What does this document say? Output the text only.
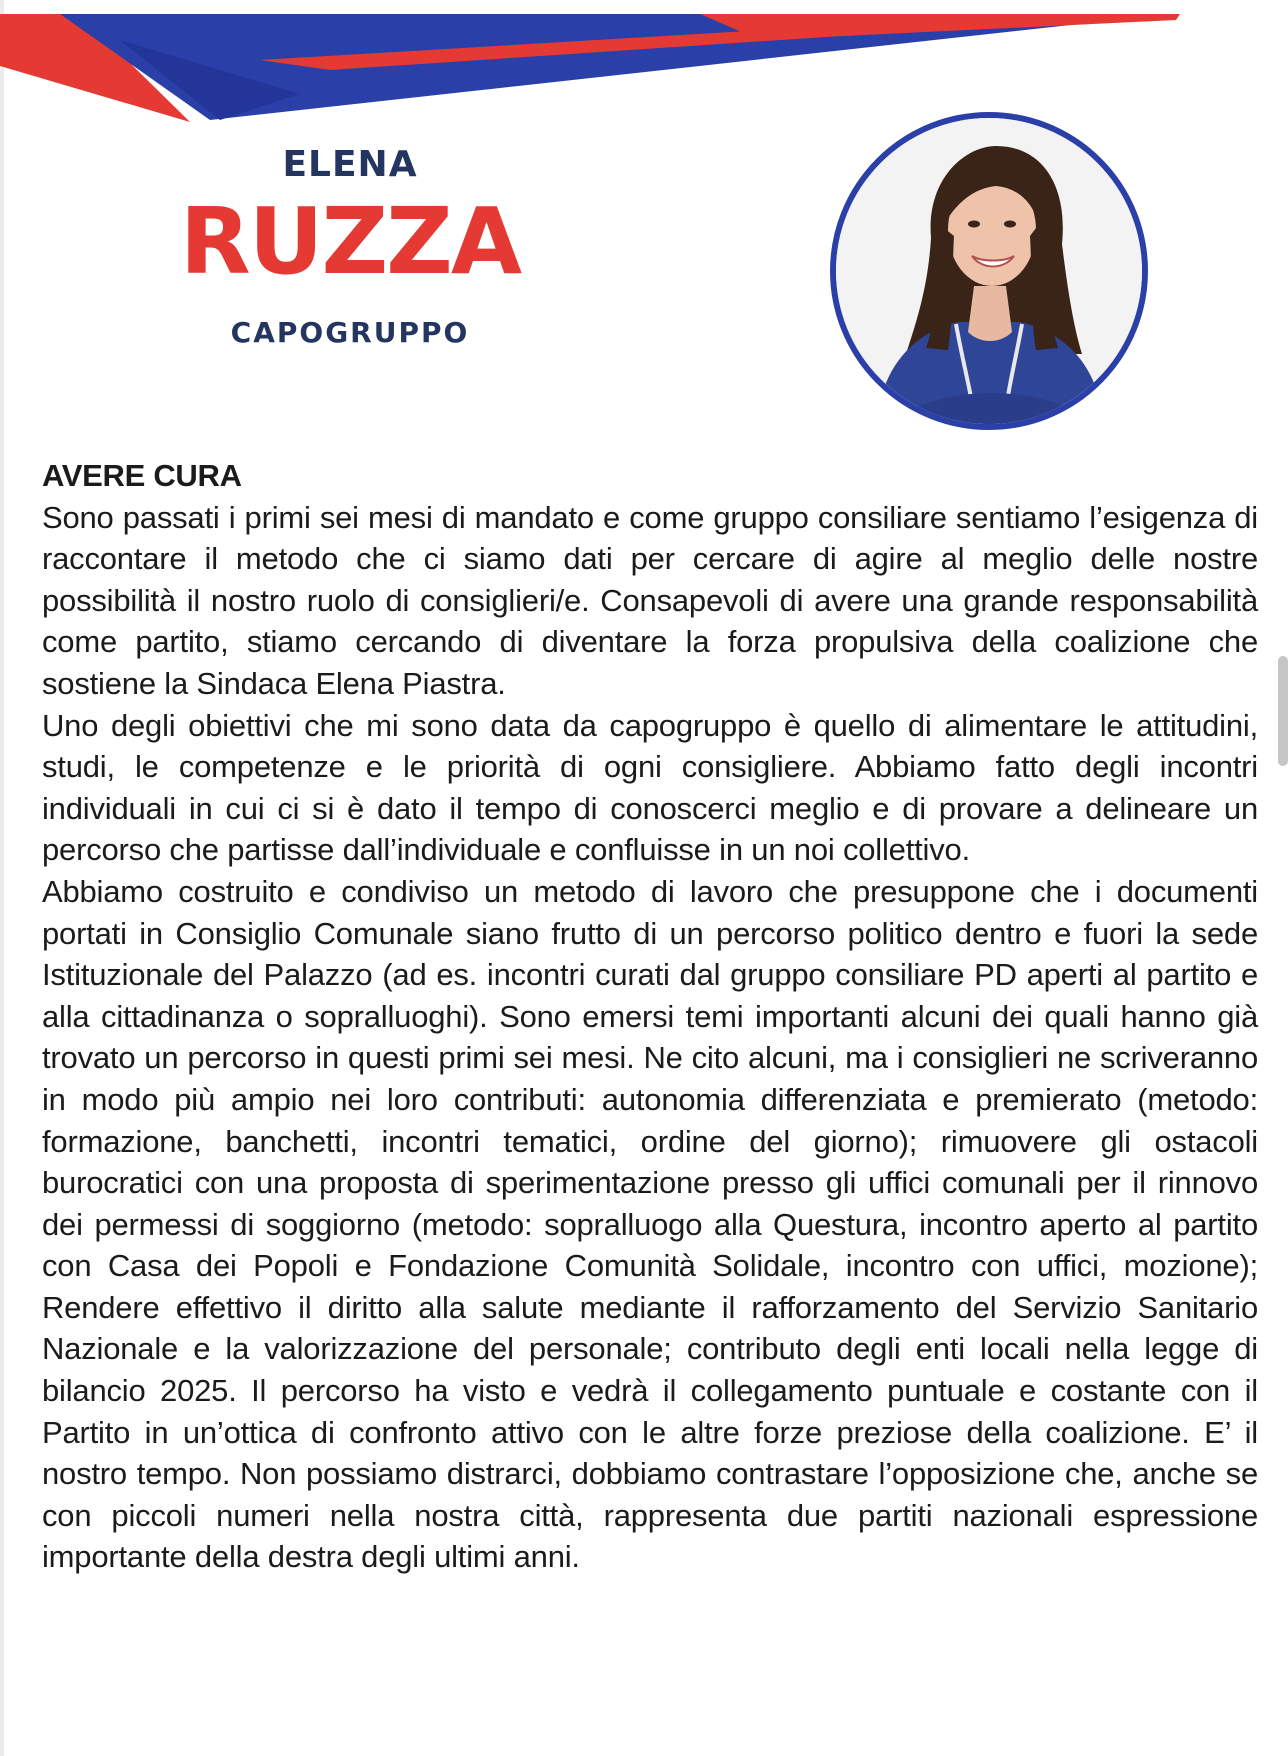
ELENA
RUZZA
CAPOGRUPPO
AVERE CURA

Sono passati i primi sei mesi di mandato e come gruppo consiliare sentiamo l’esigenza di raccontare il metodo che ci siamo dati per cercare di agire al meglio delle nostre possibilità il nostro ruolo di consiglieri/e. Consapevoli di avere una grande responsabilità come partito, stiamo cercando di diventare la forza propulsiva della coalizione che sostiene la Sindaca Elena Piastra.

Uno degli obiettivi che mi sono data da capogruppo è quello di alimentare le attitudini, studi, le competenze e le priorità di ogni consigliere. Abbiamo fatto degli incontri individuali in cui ci si è dato il tempo di conoscerci meglio e di provare a delineare un percorso che partisse dall’individuale e confluisse in un noi collettivo.

Abbiamo costruito e condiviso un metodo di lavoro che presuppone che i documenti portati in Consiglio Comunale siano frutto di un percorso politico dentro e fuori la sede Istituzionale del Palazzo (ad es. incontri curati dal gruppo consiliare PD aperti al partito e alla cittadinanza o sopralluoghi). Sono emersi temi importanti alcuni dei quali hanno già trovato un percorso in questi primi sei mesi. Ne cito alcuni, ma i consiglieri ne scriveranno in modo più ampio nei loro contributi: autonomia differenziata e premierato (metodo: formazione, banchetti, incontri tematici, ordine del giorno); rimuovere gli ostacoli burocratici con una proposta di sperimentazione presso gli uffici comunali per il rinnovo dei permessi di soggiorno (metodo: sopralluogo alla Questura, incontro aperto al partito con Casa dei Popoli e Fondazione Comunità Solidale, incontro con uffici, mozione); Rendere effettivo il diritto alla salute mediante il rafforzamento del Servizio Sanitario Nazionale e la valorizzazione del personale; contributo degli enti locali nella legge di bilancio 2025. Il percorso ha visto e vedrà il collegamento puntuale e costante con il Partito in un’ottica di confronto attivo con le altre forze preziose della coalizione. E’ il nostro tempo. Non possiamo distrarci, dobbiamo contrastare l’opposizione che, anche se con piccoli numeri nella nostra città, rappresenta due partiti nazionali espressione importante della destra degli ultimi anni.
